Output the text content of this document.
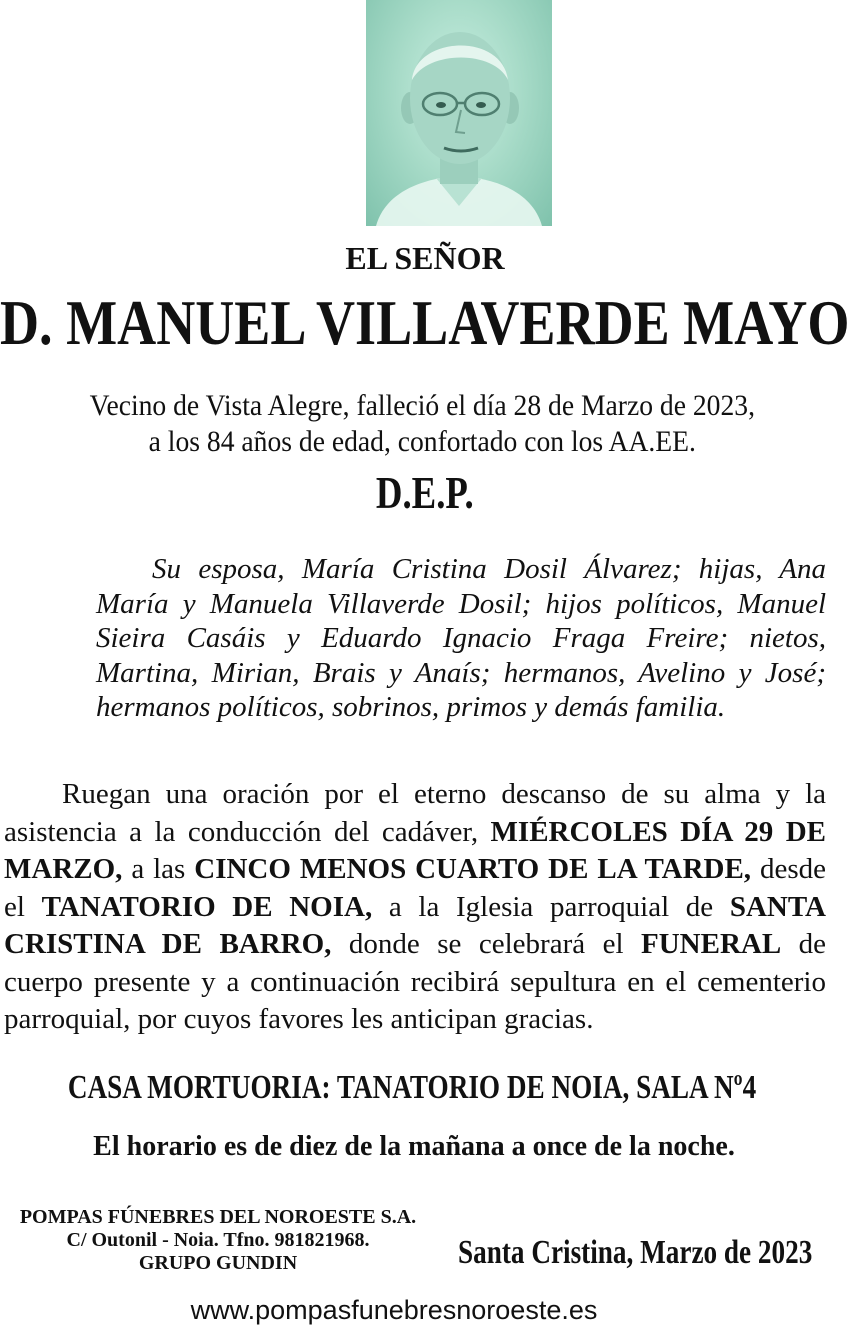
EL SEÑOR
D. MANUEL VILLAVERDE MAYO
Vecino de Vista Alegre, falleció el día 28 de Marzo de 2023,
a los 84 años de edad, confortado con los AA.EE.
D.E.P.
Su esposa, María Cristina Dosil Álvarez; hijas, Ana María y Manuela Villaverde Dosil; hijos políticos, Manuel Sieira Casáis y Eduardo Ignacio Fraga Freire; nietos, Martina, Mirian, Brais y Anaís; hermanos, Avelino y José; hermanos políticos, sobrinos, primos y demás familia.
Ruegan una oración por el eterno descanso de su alma y la asistencia a la conducción del cadáver, MIÉRCOLES DÍA 29 DE MARZO, a las CINCO MENOS CUARTO DE LA TARDE, desde el TANATORIO DE NOIA, a la Iglesia parroquial de SANTA CRISTINA DE BARRO, donde se celebrará el FUNERAL de cuerpo presente y a continuación recibirá sepultura en el cementerio parroquial, por cuyos favores les anticipan gracias.
CASA MORTUORIA: TANATORIO DE NOIA, SALA Nº4
El horario es de diez de la mañana a once de la noche.
POMPAS FÚNEBRES DEL NOROESTE S.A.
C/ Outonil - Noia. Tfno. 981821968.
GRUPO GUNDIN	Santa Cristina, Marzo de 2023
www.pompasfunebresnoroeste.es
